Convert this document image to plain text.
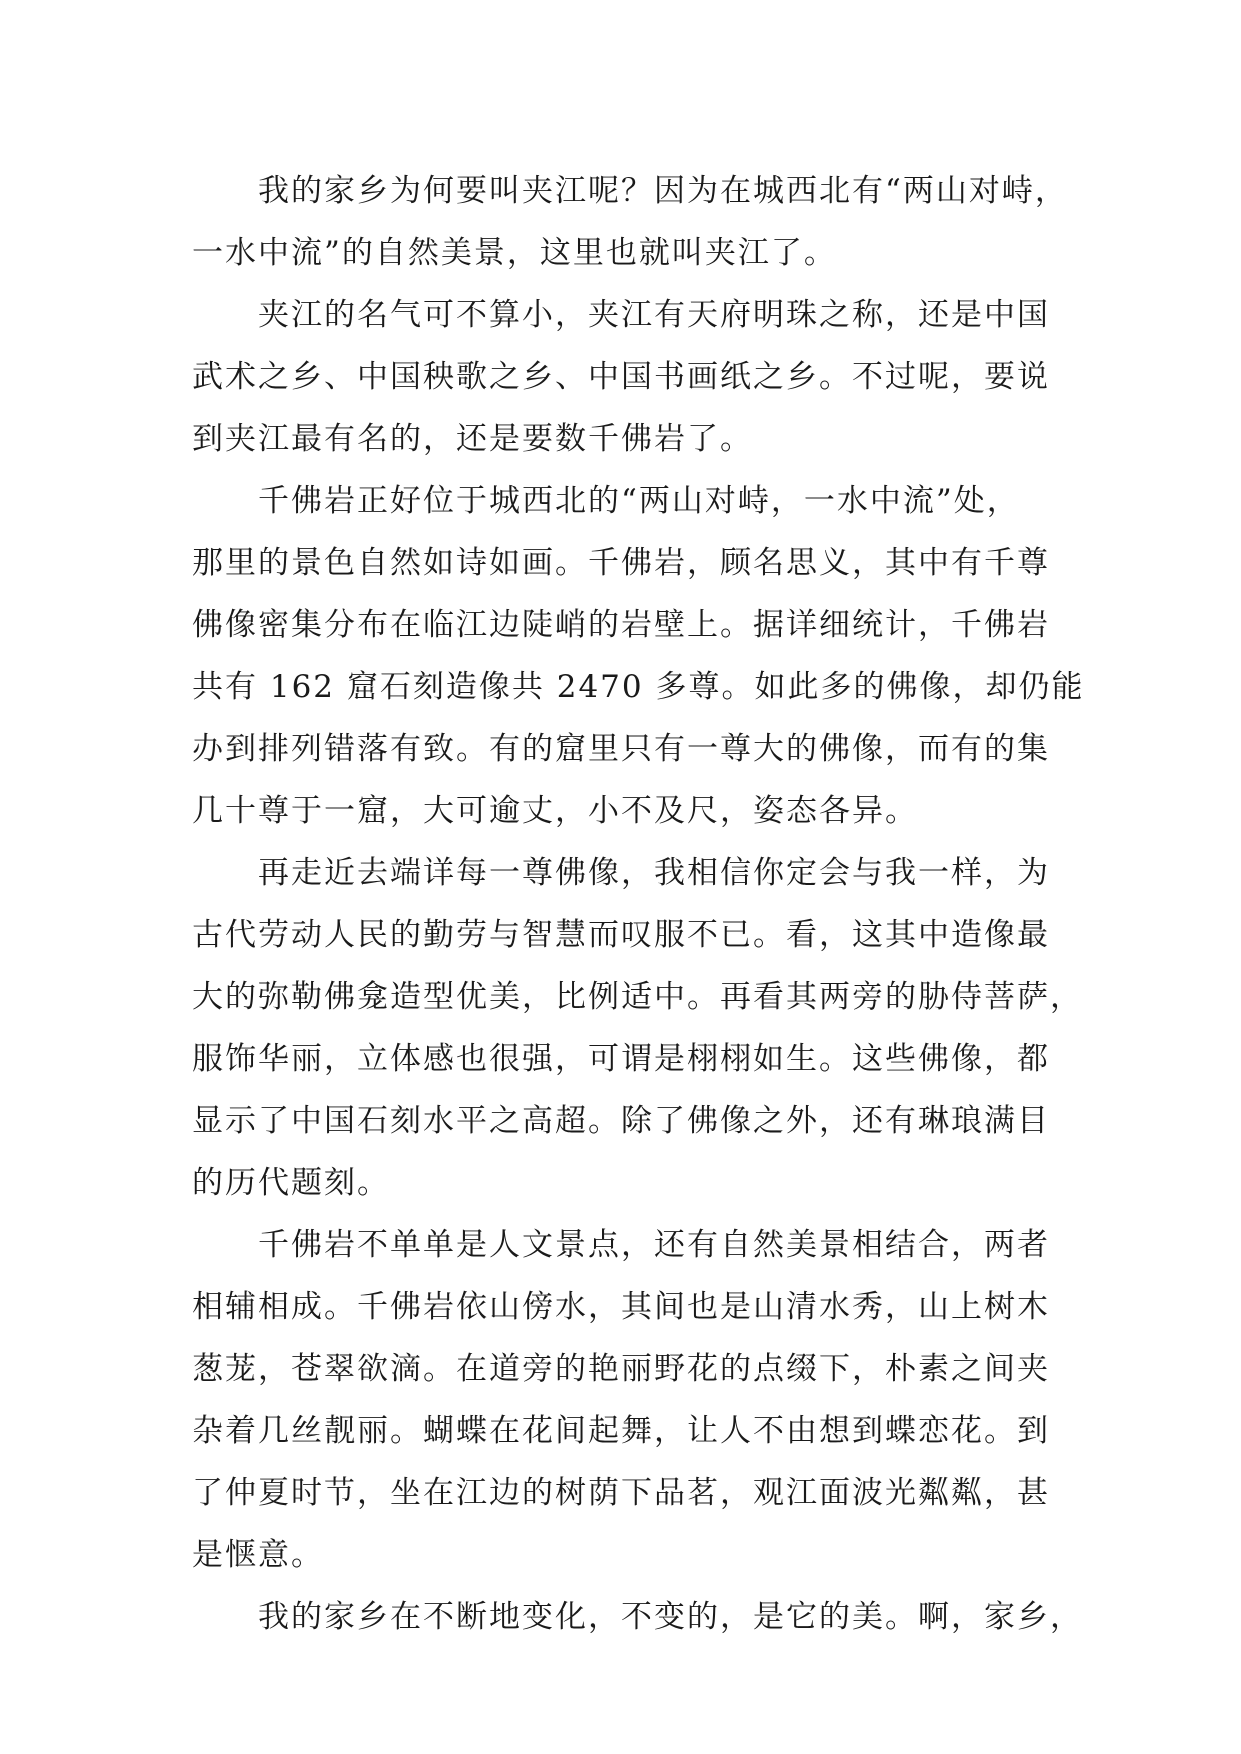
我的家乡为何要叫夹江呢？因为在城西北有“两山对峙，
一水中流”的自然美景，这里也就叫夹江了。
夹江的名气可不算小，夹江有天府明珠之称，还是中国
武术之乡、中国秧歌之乡、中国书画纸之乡。不过呢，要说
到夹江最有名的，还是要数千佛岩了。
千佛岩正好位于城西北的“两山对峙，一水中流”处，
那里的景色自然如诗如画。千佛岩，顾名思义，其中有千尊
佛像密集分布在临江边陡峭的岩壁上。据详细统计，千佛岩
共有 162 窟石刻造像共 2470 多尊。如此多的佛像，却仍能
办到排列错落有致。有的窟里只有一尊大的佛像，而有的集
几十尊于一窟，大可逾丈，小不及尺，姿态各异。
再走近去端详每一尊佛像，我相信你定会与我一样，为
古代劳动人民的勤劳与智慧而叹服不已。看，这其中造像最
大的弥勒佛龛造型优美，比例适中。再看其两旁的胁侍菩萨，
服饰华丽，立体感也很强，可谓是栩栩如生。这些佛像，都
显示了中国石刻水平之高超。除了佛像之外，还有琳琅满目
的历代题刻。
千佛岩不单单是人文景点，还有自然美景相结合，两者
相辅相成。千佛岩依山傍水，其间也是山清水秀，山上树木
葱茏，苍翠欲滴。在道旁的艳丽野花的点缀下，朴素之间夹
杂着几丝靓丽。蝴蝶在花间起舞，让人不由想到蝶恋花。到
了仲夏时节，坐在江边的树荫下品茗，观江面波光粼粼，甚
是惬意。
我的家乡在不断地变化，不变的，是它的美。啊，家乡，
